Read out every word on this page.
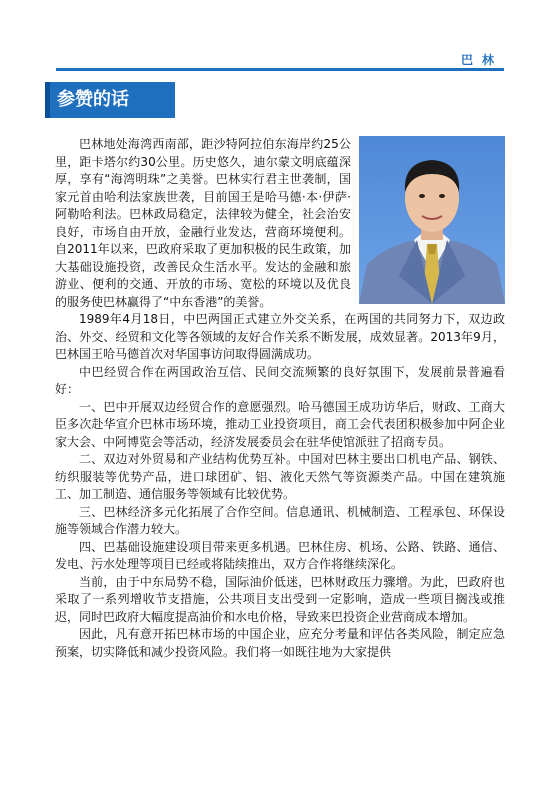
巴林
参赞的话

巴林地处海湾西南部，距沙特阿拉伯东海岸约25公里，距卡塔尔约30公里。历史悠久，迪尔蒙文明底蕴深厚，享有“海湾明珠”之美誉。巴林实行君主世袭制，国家元首由哈利法家族世袭，目前国王是哈马德·本·伊萨·阿勒哈利法。巴林政局稳定，法律较为健全，社会治安良好，市场自由开放，金融行业发达，营商环境便利。自2011年以来，巴政府采取了更加积极的民生政策，加大基础设施投资，改善民众生活水平。发达的金融和旅游业、便利的交通、开放的市场、宽松的环境以及优良的服务使巴林赢得了“中东香港”的美誉。

1989年4月18日，中巴两国正式建立外交关系，在两国的共同努力下，双边政治、外交、经贸和文化等各领域的友好合作关系不断发展，成效显著。2013年9月，巴林国王哈马德首次对华国事访问取得圆满成功。

中巴经贸合作在两国政治互信、民间交流频繁的良好氛围下，发展前景普遍看好：

一、巴中开展双边经贸合作的意愿强烈。哈马德国王成功访华后，财政、工商大臣多次赴华宣介巴林市场环境，推动工业投资项目，商工会代表团积极参加中阿企业家大会、中阿博览会等活动，经济发展委员会在驻华使馆派驻了招商专员。

二、双边对外贸易和产业结构优势互补。中国对巴林主要出口机电产品、钢铁、纺织服装等优势产品，进口球团矿、铝、液化天然气等资源类产品。中国在建筑施工、加工制造、通信服务等领域有比较优势。

三、巴林经济多元化拓展了合作空间。信息通讯、机械制造、工程承包、环保设施等领域合作潜力较大。

四、巴基础设施建设项目带来更多机遇。巴林住房、机场、公路、铁路、通信、发电、污水处理等项目已经或将陆续推出，双方合作将继续深化。

当前，由于中东局势不稳，国际油价低迷，巴林财政压力骤增。为此，巴政府也采取了一系列增收节支措施，公共项目支出受到一定影响，造成一些项目搁浅或推迟，同时巴政府大幅度提高油价和水电价格，导致来巴投资企业营商成本增加。

因此，凡有意开拓巴林市场的中国企业，应充分考量和评估各类风险，制定应急预案，切实降低和减少投资风险。我们将一如既往地为大家提供
